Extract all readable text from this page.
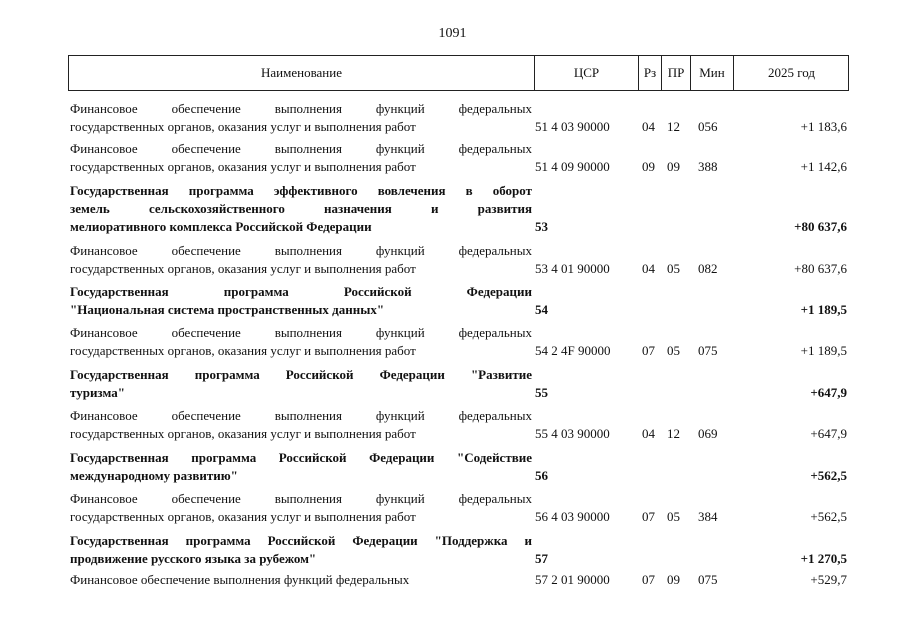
1091
Наименование	ЦСР	Рз ПР	Мин	2025 год
Финансовое обеспечение выполнения функций федеральных
государственных органов, оказания услуг и выполнения работ	51 4 03 90000	04 12	056	+1 183,6
Финансовое обеспечение выполнения функций федеральных
государственных органов, оказания услуг и выполнения работ	51 4 09 90000	09 09	388	+1 142,6
Государственная программа эффективного вовлечения в оборот
земель сельскохозяйственного назначения и развития
мелиоративного комплекса Российской Федерации	53	+80 637,6
Финансовое обеспечение выполнения функций федеральных
государственных органов, оказания услуг и выполнения работ	53 4 01 90000	04 05	082	+80 637,6
Государственная программа Российской Федерации
"Национальная система пространственных данных"	54	+1 189,5
Финансовое обеспечение выполнения функций федеральных
государственных органов, оказания услуг и выполнения работ	54 2 4F 90000	07 05	075	+1 189,5
Государственная программа Российской Федерации "Развитие
туризма"	55	+647,9
Финансовое обеспечение выполнения функций федеральных
государственных органов, оказания услуг и выполнения работ	55 4 03 90000	04 12	069	+647,9
Государственная программа Российской Федерации "Содействие
международному развитию"	56	+562,5
Финансовое обеспечение выполнения функций федеральных
государственных органов, оказания услуг и выполнения работ	56 4 03 90000	07 05	384	+562,5
Государственная программа Российской Федерации "Поддержка и
продвижение русского языка за рубежом"	57	+1 270,5
Финансовое обеспечение выполнения функций федеральных	57 2 01 90000	07 09	075	+529,7
